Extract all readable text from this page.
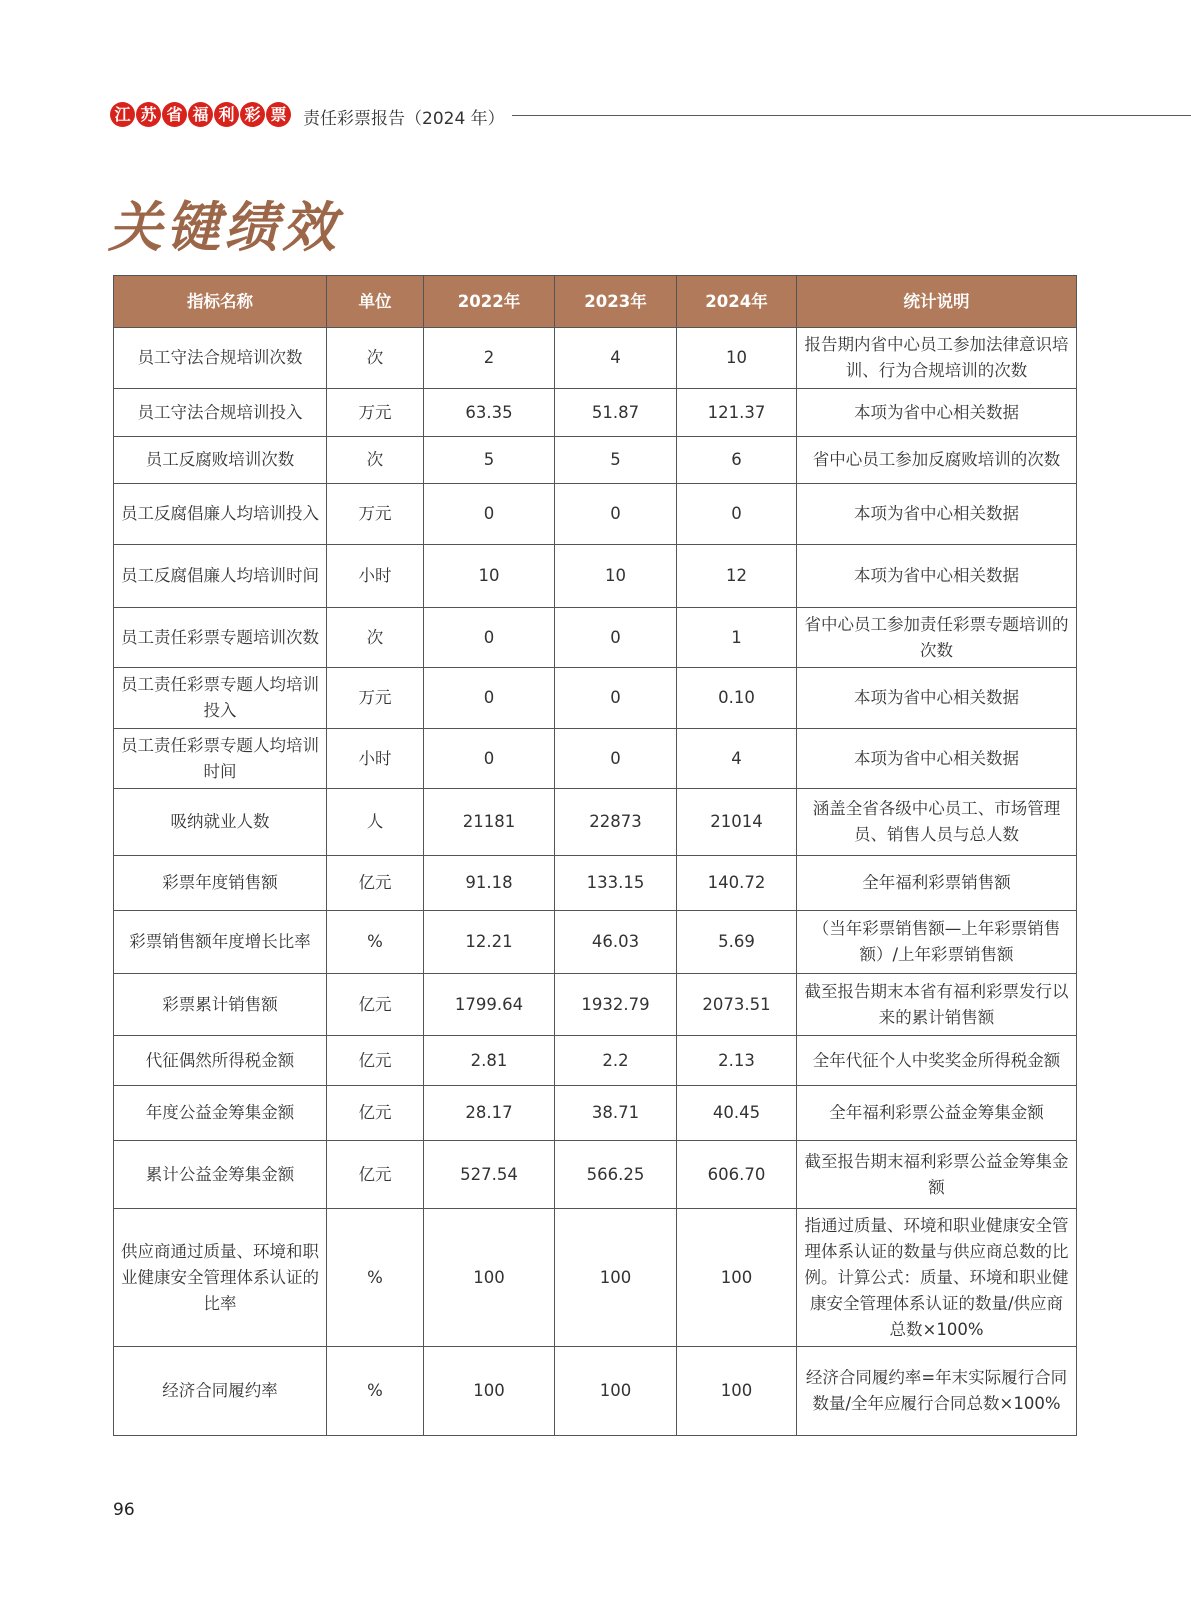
江 苏 省 福 利 彩 票 责任彩票报告（2024 年）
关键绩效
指标名称	单位	2022年	2023年	2024年	统计说明
员工守法合规培训次数	次	2	4	10	报告期内省中心员工参加法律意识培训、行为合规培训的次数
员工守法合规培训投入	万元	63.35	51.87	121.37	本项为省中心相关数据
员工反腐败培训次数	次	5	5	6	省中心员工参加反腐败培训的次数
员工反腐倡廉人均培训投入	万元	0	0	0	本项为省中心相关数据
员工反腐倡廉人均培训时间	小时	10	10	12	本项为省中心相关数据
员工责任彩票专题培训次数	次	0	0	1	省中心员工参加责任彩票专题培训的次数
员工责任彩票专题人均培训投入	万元	0	0	0.10	本项为省中心相关数据
员工责任彩票专题人均培训时间	小时	0	0	4	本项为省中心相关数据
吸纳就业人数	人	21181	22873	21014	涵盖全省各级中心员工、市场管理员、销售人员与总人数
彩票年度销售额	亿元	91.18	133.15	140.72	全年福利彩票销售额
彩票销售额年度增长比率	%	12.21	46.03	5.69	（当年彩票销售额—上年彩票销售额）/上年彩票销售额
彩票累计销售额	亿元	1799.64	1932.79	2073.51	截至报告期末本省有福利彩票发行以来的累计销售额
代征偶然所得税金额	亿元	2.81	2.2	2.13	全年代征个人中奖奖金所得税金额
年度公益金筹集金额	亿元	28.17	38.71	40.45	全年福利彩票公益金筹集金额
累计公益金筹集金额	亿元	527.54	566.25	606.70	截至报告期末福利彩票公益金筹集金额
供应商通过质量、环境和职业健康安全管理体系认证的比率	%	100	100	100	指通过质量、环境和职业健康安全管理体系认证的数量与供应商总数的比例。计算公式：质量、环境和职业健康安全管理体系认证的数量/供应商总数×100%
经济合同履约率	%	100	100	100	经济合同履约率=年末实际履行合同数量/全年应履行合同总数×100%
96
